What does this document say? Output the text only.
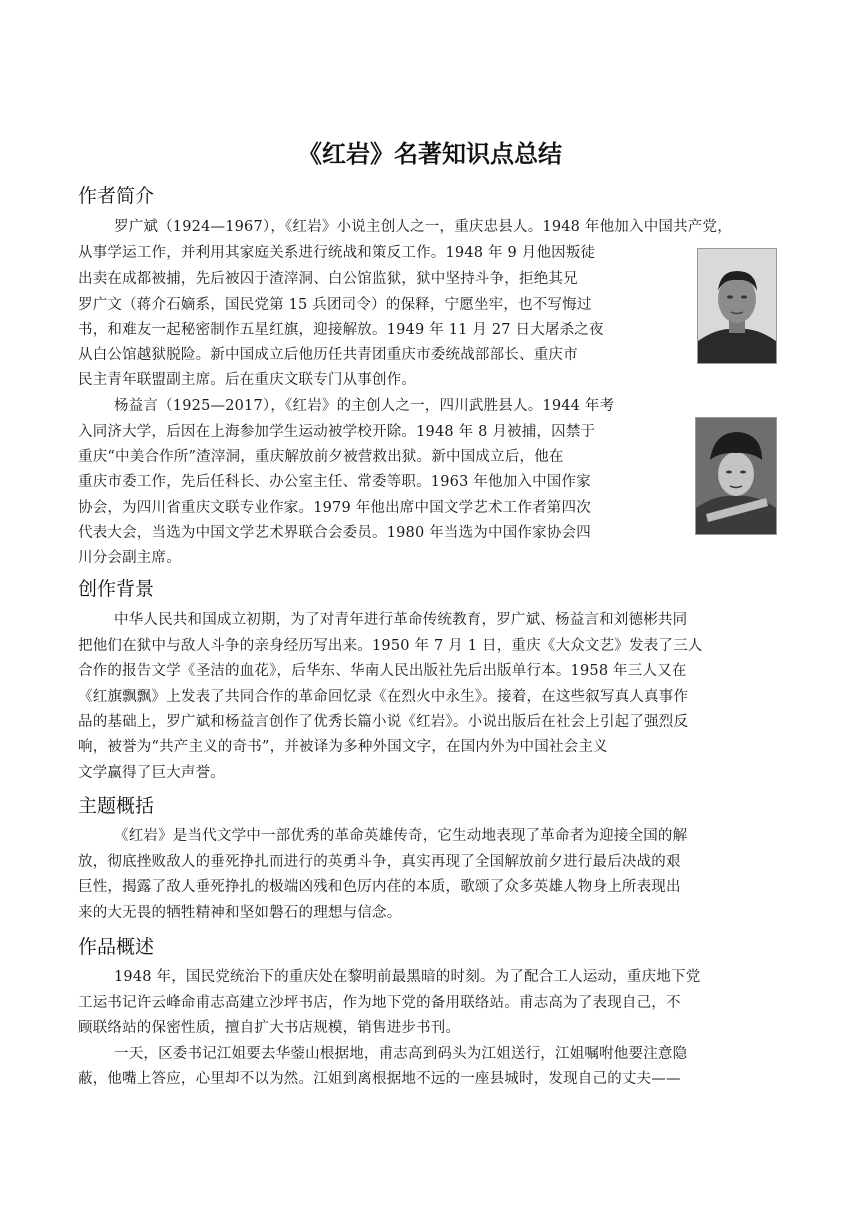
《红岩》名著知识点总结
作者简介

罗广斌（1924—1967），《红岩》小说主创人之一，重庆忠县人。1948 年他加入中国共产党，

从事学运工作，并利用其家庭关系进行统战和策反工作。1948 年 9 月他因叛徒

出卖在成都被捕，先后被囚于渣滓洞、白公馆监狱，狱中坚持斗争，拒绝其兄

罗广文（蒋介石嫡系，国民党第 15 兵团司令）的保释，宁愿坐牢，也不写悔过

书，和难友一起秘密制作五星红旗，迎接解放。1949 年 11 月 27 日大屠杀之夜

从白公馆越狱脱险。新中国成立后他历任共青团重庆市委统战部部长、重庆市

民主青年联盟副主席。后在重庆文联专门从事创作。

杨益言（1925—2017），《红岩》的主创人之一，四川武胜县人。1944 年考

入同济大学，后因在上海参加学生运动被学校开除。1948 年 8 月被捕，囚禁于

重庆“中美合作所”渣滓洞，重庆解放前夕被营救出狱。新中国成立后，他在

重庆市委工作，先后任科长、办公室主任、常委等职。1963 年他加入中国作家

协会，为四川省重庆文联专业作家。1979 年他出席中国文学艺术工作者第四次

代表大会，当选为中国文学艺术界联合会委员。1980 年当选为中国作家协会四

川分会副主席。

创作背景

中华人民共和国成立初期，为了对青年进行革命传统教育，罗广斌、杨益言和刘德彬共同

把他们在狱中与敌人斗争的亲身经历写出来。1950 年 7 月 1 日，重庆《大众文艺》发表了三人

合作的报告文学《圣洁的血花》，后华东、华南人民出版社先后出版单行本。1958 年三人又在

《红旗飘飘》上发表了共同合作的革命回忆录《在烈火中永生》。接着，在这些叙写真人真事作

品的基础上，罗广斌和杨益言创作了优秀长篇小说《红岩》。小说出版后在社会上引起了强烈反

响，被誉为“共产主义的奇书”，并被译为多种外国文字，在国内外为中国社会主义

文学赢得了巨大声誉。

主题概括

《红岩》是当代文学中一部优秀的革命英雄传奇，它生动地表现了革命者为迎接全国的解

放，彻底挫败敌人的垂死挣扎而进行的英勇斗争，真实再现了全国解放前夕进行最后决战的艰

巨性，揭露了敌人垂死挣扎的极端凶残和色厉内荏的本质，歌颂了众多英雄人物身上所表现出

来的大无畏的牺牲精神和坚如磐石的理想与信念。

作品概述

1948 年，国民党统治下的重庆处在黎明前最黑暗的时刻。为了配合工人运动，重庆地下党

工运书记许云峰命甫志高建立沙坪书店，作为地下党的备用联络站。甫志高为了表现自己，不

顾联络站的保密性质，擅自扩大书店规模，销售进步书刊。

一天，区委书记江姐要去华蓥山根据地，甫志高到码头为江姐送行，江姐嘱咐他要注意隐

蔽，他嘴上答应，心里却不以为然。江姐到离根据地不远的一座县城时，发现自己的丈夫——
